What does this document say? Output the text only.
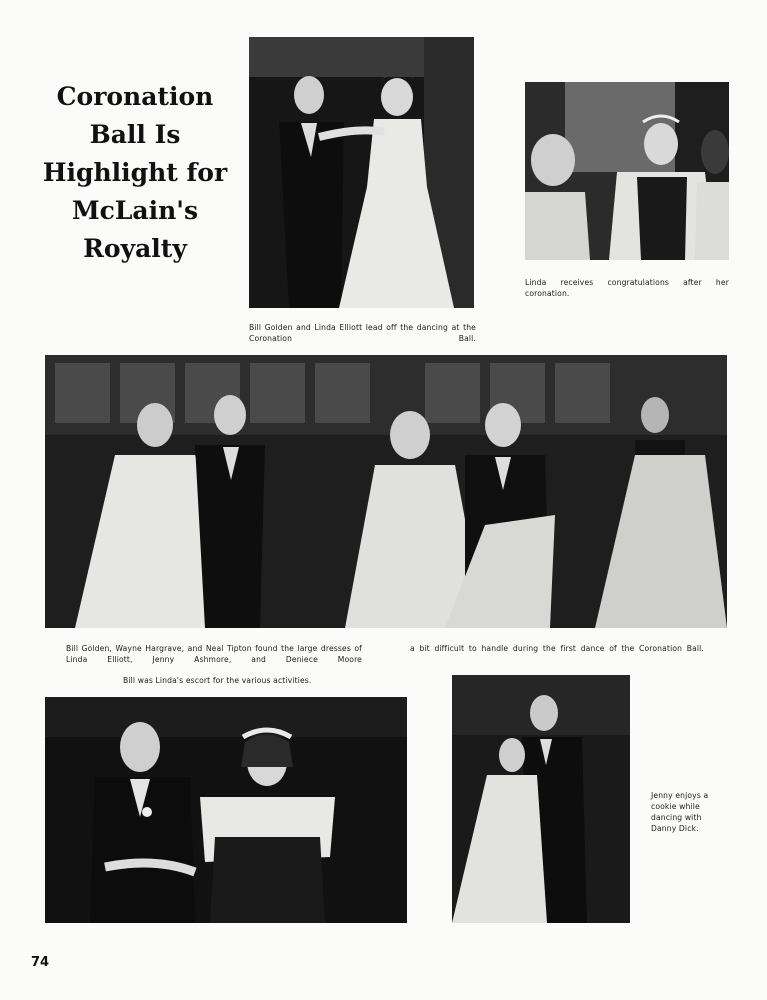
Coronation Ball Is Highlight for McLain's Royalty

Linda receives congratulations after her coronation.

Bill Golden and Linda Elliott lead off the dancing at the Coronation Ball.

Bill Golden, Wayne Hargrave, and Neal Tipton found the large dresses of Linda Elliott, Jenny Ashmore, and Deniece Moore

a bit difficult to handle during the first dance of the Coronation Ball.

Bill was Linda's escort for the various activities.

Jenny enjoys a cookie while dancing with Danny Dick.

74
